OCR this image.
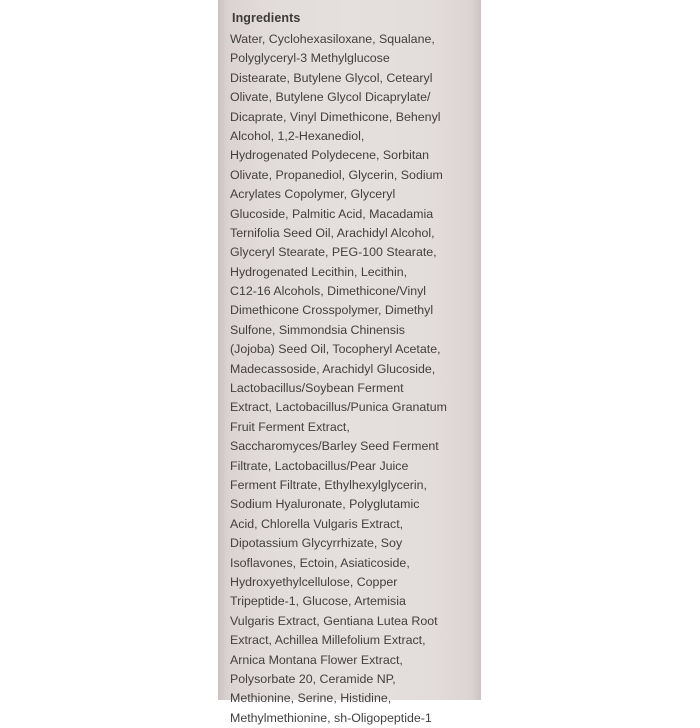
Ingredients
Water, Cyclohexasiloxane, Squalane,
Polyglyceryl-3 Methylglucose
Distearate, Butylene Glycol, Cetearyl
Olivate, Butylene Glycol Dicaprylate/
Dicaprate, Vinyl Dimethicone, Behenyl
Alcohol, 1,2-Hexanediol,
Hydrogenated Polydecene, Sorbitan
Olivate, Propanediol, Glycerin, Sodium
Acrylates Copolymer, Glyceryl
Glucoside, Palmitic Acid, Macadamia
Ternifolia Seed Oil, Arachidyl Alcohol,
Glyceryl Stearate, PEG-100 Stearate,
Hydrogenated Lecithin, Lecithin,
C12-16 Alcohols, Dimethicone/Vinyl
Dimethicone Crosspolymer, Dimethyl
Sulfone, Simmondsia Chinensis
(Jojoba) Seed Oil, Tocopheryl Acetate,
Madecassoside, Arachidyl Glucoside,
Lactobacillus/Soybean Ferment
Extract, Lactobacillus/Punica Granatum
Fruit Ferment Extract,
Saccharomyces/Barley Seed Ferment
Filtrate, Lactobacillus/Pear Juice
Ferment Filtrate, Ethylhexylglycerin,
Sodium Hyaluronate, Polyglutamic
Acid, Chlorella Vulgaris Extract,
Dipotassium Glycyrrhizate, Soy
Isoflavones, Ectoin, Asiaticoside,
Hydroxyethylcellulose, Copper
Tripeptide-1, Glucose, Artemisia
Vulgaris Extract, Gentiana Lutea Root
Extract, Achillea Millefolium Extract,
Arnica Montana Flower Extract,
Polysorbate 20, Ceramide NP,
Methionine, Serine, Histidine,
Methylmethionine, sh-Oligopeptide-1
